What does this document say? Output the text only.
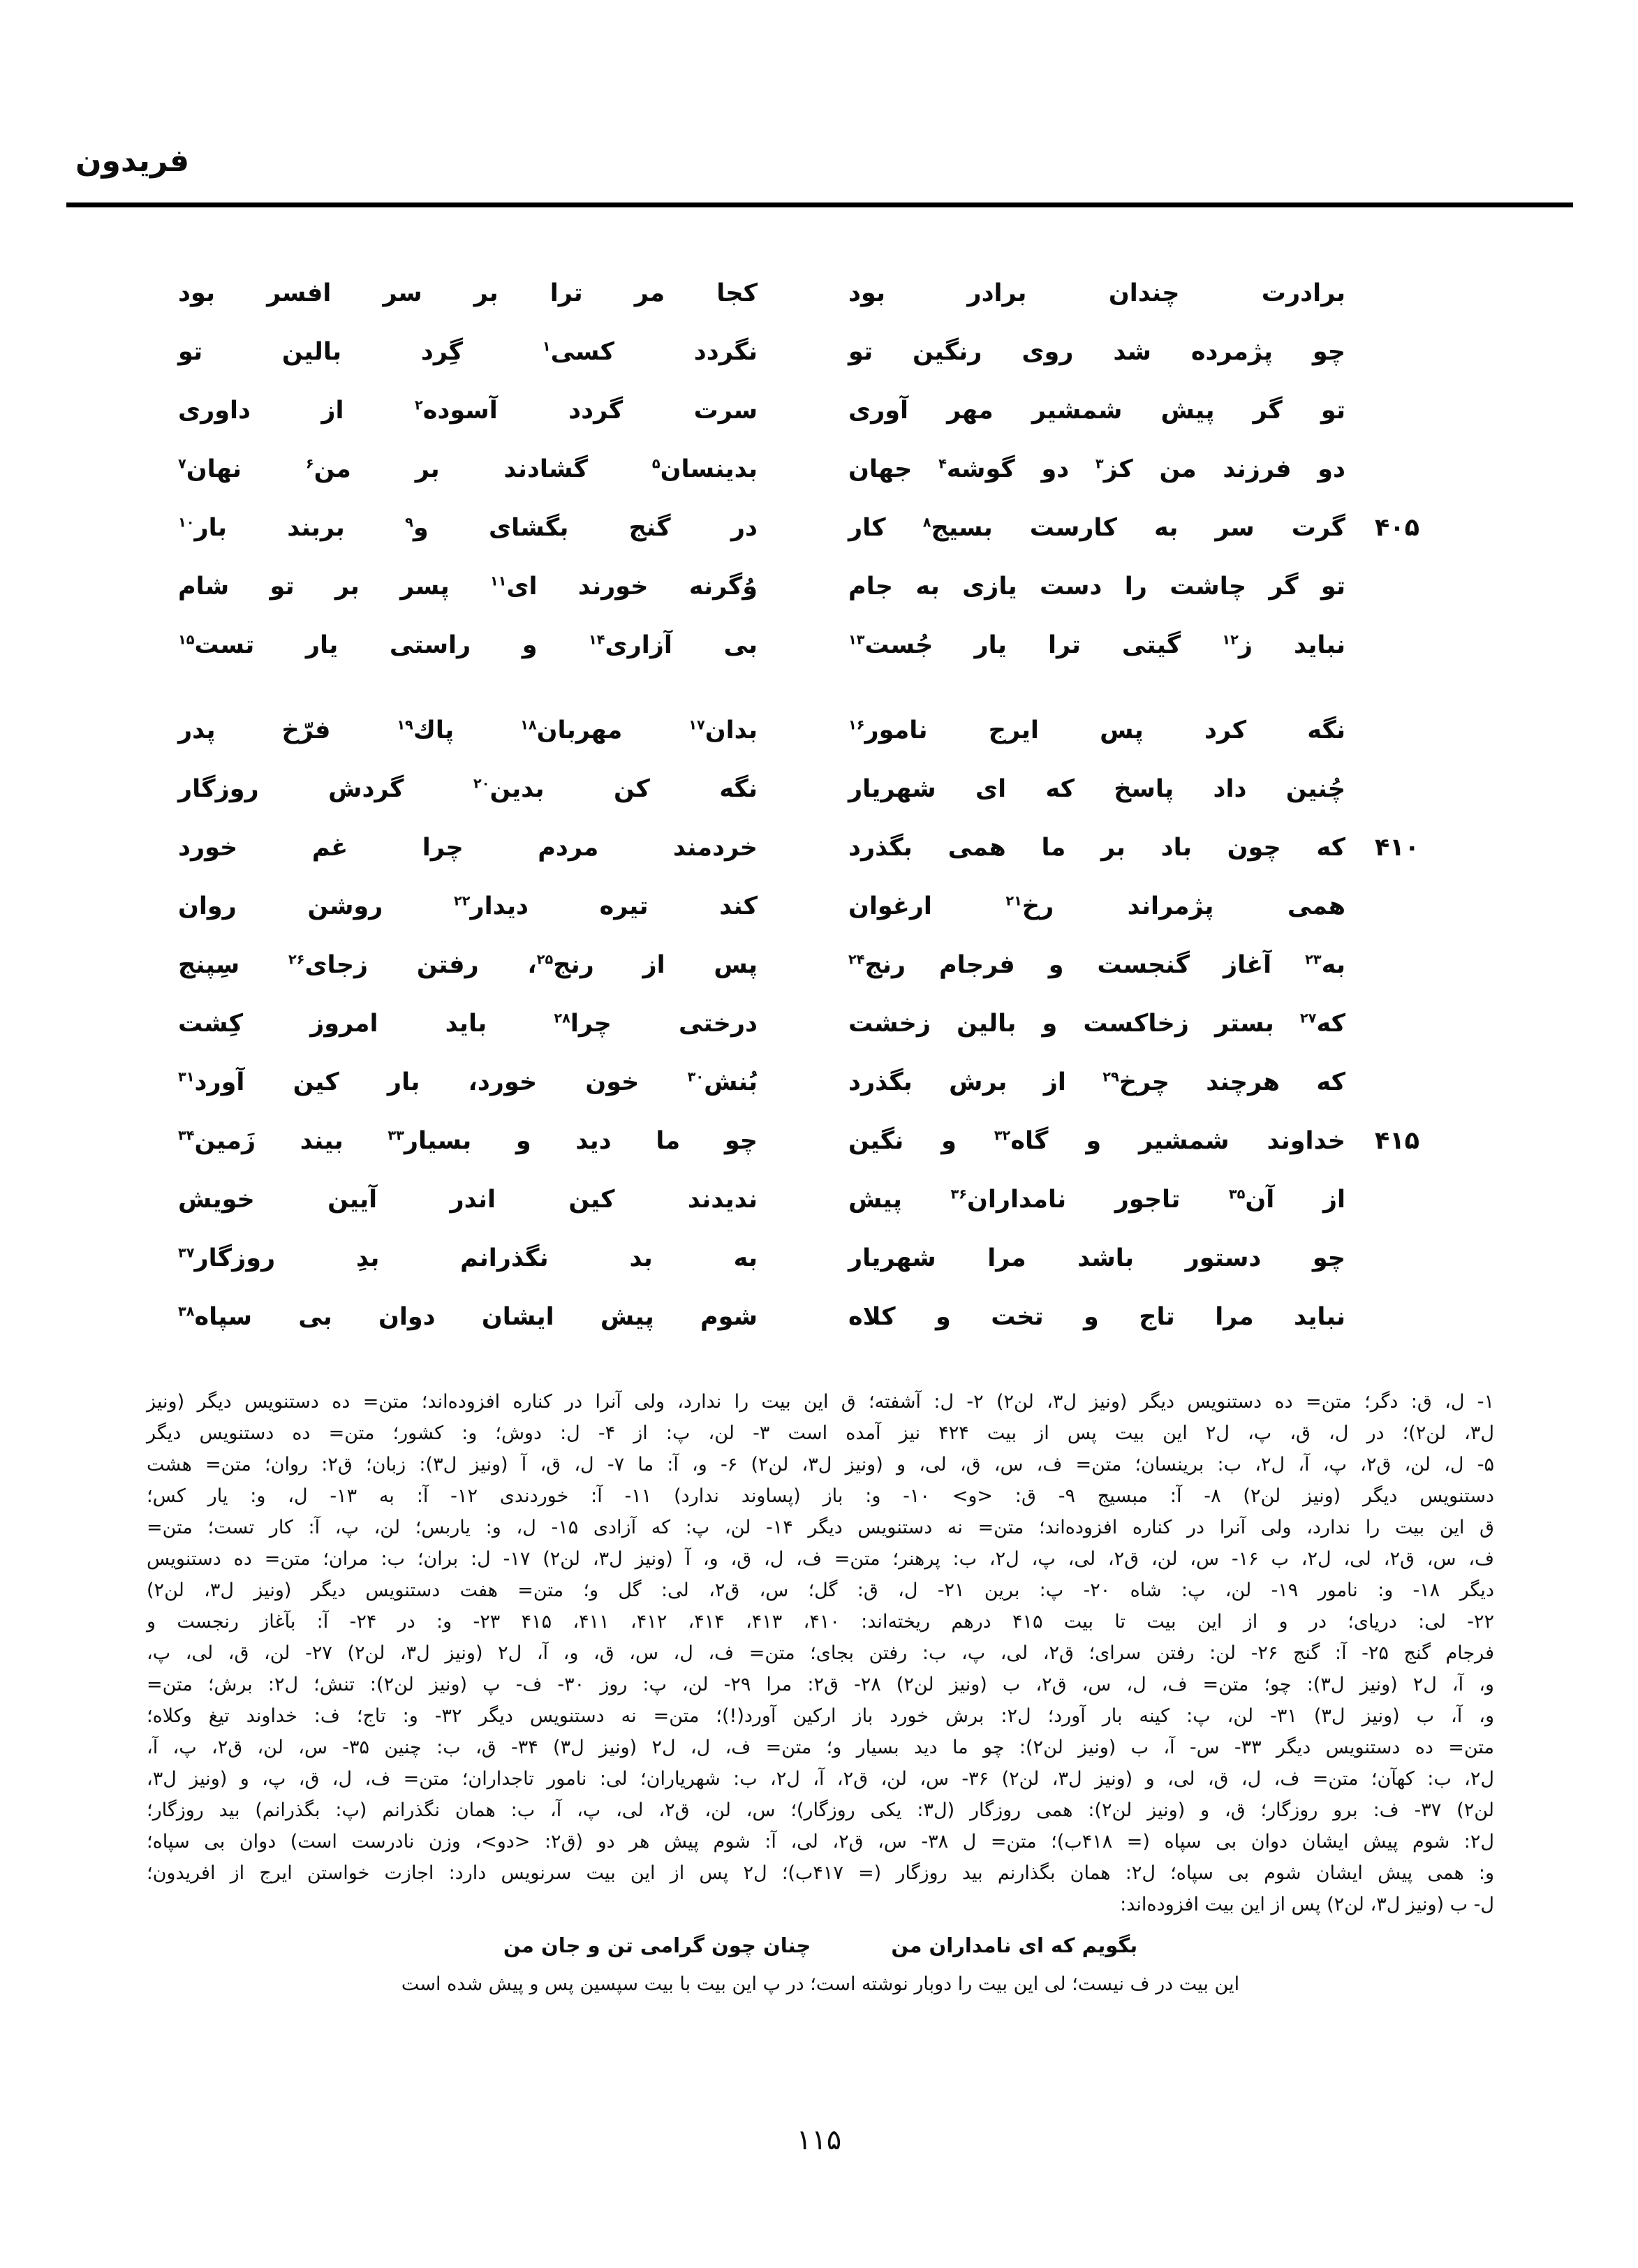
فریدون
برادرت چندان برادر بود
کجا مر ترا بر سر افسر بود
چو پژمرده شد روی رنگین تو
نگردد کسی$^۱$ گِرد بالین تو
تو گر پیش شمشیر مهر آوری
سرت گردد آسوده$^۲$ از داوری
دو فرزند من کز$^۳$ دو گوشه$^۴$ جهان
بدینسان$^۵$ گشادند بر من$^۶$ نهان$^۷$
۴۰۵
گرت سر به کارست بسیج$^۸$ کار
در گنج بگشای و$^۹$ بربند بار$^{۱۰}$
تو گر چاشت را دست یازی به جام
وُگرنه خورند ای$^{۱۱}$ پسر بر تو شام
نباید ز$^{۱۲}$ گیتی ترا یار جُست$^{۱۳}$
بی آزاری$^{۱۴}$ و راستی یار تست$^{۱۵}$
نگه کرد پس ایرج نامور$^{۱۶}$
بدان$^{۱۷}$ مهربان$^{۱۸}$ پاك$^{۱۹}$ فرّخ پدر
چُنین داد پاسخ که ای شهریار
نگه کن بدین$^{۲۰}$ گردش روزگار
۴۱۰
که چون باد بر ما همی بگذرد
خردمند مردم چرا غم خورد
همی پژمراند رخ$^{۲۱}$ ارغوان
کند تیره دیدار$^{۲۲}$ روشن روان
به$^{۲۳}$ آغاز گنجست و فرجام رنج$^{۲۴}$
پس از رنج$^{۲۵}$، رفتن زجای$^{۲۶}$ سِپنج
که$^{۲۷}$ بستر زخاکست و بالین زخشت
درختی چرا$^{۲۸}$ باید امروز کِشت
که هرچند چرخ$^{۲۹}$ از برش بگذرد
بُنش$^{۳۰}$ خون خورد، بار کین آورد$^{۳۱}$
۴۱۵
خداوند شمشیر و گاه$^{۳۲}$ و نگین
چو ما دید و بسیار$^{۳۳}$ بیند زَمین$^{۳۴}$
از آن$^{۳۵}$ تاجور نامداران$^{۳۶}$ پیش
ندیدند کین اندر آیین خویش
چو دستور باشد مرا شهریار
به بد نگذرانم بدِ روزگار$^{۳۷}$
نباید مرا تاج و تخت و کلاه
شوم پیش ایشان دوان بی سپاه$^{۳۸}$
۱- ل، ق: دگر؛ متن= ده دستنویس دیگر (ونیز ل۳، لن۲) ۲- ل: آشفته؛ ق این بیت را ندارد، ولی آنرا در کناره افزوده‌اند؛ متن= ده دستنویس دیگر (ونیز
ل۳، لن۲)؛ در ل، ق، پ، ل۲ این بیت پس از بیت ۴۲۴ نیز آمده است ۳- لن، پ: از ۴- ل: دوش؛ و: کشور؛ متن= ده دستنویس دیگر
۵- ل، لن، ق۲، پ، آ، ل۲، ب: برینسان؛ متن= ف، س، ق، لی، و (ونیز ل۳، لن۲) ۶- و، آ: ما ۷- ل، ق، آ (ونیز ل۳): زبان؛ ق۲: روان؛ متن= هشت
دستنویس دیگر (ونیز لن۲) ۸- آ: مبسیج ۹- ق: <و> ۱۰- و: باز (پساوند ندارد) ۱۱- آ: خوردندی ۱۲- آ: به ۱۳- ل، و: یار کس؛
ق این بیت را ندارد، ولی آنرا در کناره افزوده‌اند؛ متن= نه دستنویس دیگر ۱۴- لن، پ: که آزادی ۱۵- ل، و: یاربس؛ لن، پ، آ: کار تست؛ متن=
ف، س، ق۲، لی، ل۲، ب ۱۶- س، لن، ق۲، لی، پ، ل۲، ب: پرهنر؛ متن= ف، ل، ق، و، آ (ونیز ل۳، لن۲) ۱۷- ل: بران؛ ب: مران؛ متن= ده دستنویس
دیگر ۱۸- و: نامور ۱۹- لن، پ: شاه ۲۰- پ: برین ۲۱- ل، ق: گل؛ س، ق۲، لی: گل و؛ متن= هفت دستنویس دیگر (ونیز ل۳، لن۲)
۲۲- لی: دریای؛ در و از این بیت تا بیت ۴۱۵ درهم ریخته‌اند: ۴۱۰، ۴۱۳، ۴۱۴، ۴۱۲، ۴۱۱، ۴۱۵ ۲۳- و: در ۲۴- آ: بآغاز رنجست و
فرجام گنج ۲۵- آ: گنج ۲۶- لن: رفتن سرای؛ ق۲، لی، پ، ب: رفتن بجای؛ متن= ف، ل، س، ق، و، آ، ل۲ (ونیز ل۳، لن۲) ۲۷- لن، ق، لی، پ،
و، آ، ل۲ (ونیز ل۳): چو؛ متن= ف، ل، س، ق۲، ب (ونیز لن۲) ۲۸- ق۲: مرا ۲۹- لن، پ: روز ۳۰- ف- پ (ونیز لن۲): تنش؛ ل۲: برش؛ متن=
و، آ، ب (ونیز ل۳) ۳۱- لن، پ: کینه بار آورد؛ ل۲: برش خورد باز ارکین آورد(!)؛ متن= نه دستنویس دیگر ۳۲- و: تاج؛ ف: خداوند تیغ وکلاه؛
متن= ده دستنویس دیگر ۳۳- س- آ، ب (ونیز لن۲): چو ما دید بسیار و؛ متن= ف، ل، ل۲ (ونیز ل۳) ۳۴- ق، ب: چنین ۳۵- س، لن، ق۲، پ، آ،
ل۲، ب: کهآن؛ متن= ف، ل، ق، لی، و (ونیز ل۳، لن۲) ۳۶- س، لن، ق۲، آ، ل۲، ب: شهریاران؛ لی: نامور تاجداران؛ متن= ف، ل، ق، پ، و (ونیز ل۳،
لن۲) ۳۷- ف: برو روزگار؛ ق، و (ونیز لن۲): همی روزگار (ل۳: یکی روزگار)؛ س، لن، ق۲، لی، پ، آ، ب: همان نگذرانم (پ: بگذرانم) بید روزگار؛
ل۲: شوم پیش ایشان دوان بی سپاه (= ۴۱۸ب)؛ متن= ل ۳۸- س، ق۲، لی، آ: شوم پیش هر دو (ق۲: <دو>، وزن نادرست است) دوان بی سپاه؛
و: همی پیش ایشان شوم بی سپاه؛ ل۲: همان بگذارنم بید روزگار (= ۴۱۷ب)؛ ل۲ پس از این بیت سرنویس دارد: اجازت خواستن ایرج از افریدون؛
ل- ب (ونیز ل۳، لن۲) پس از این بیت افزوده‌اند:
بگویم که ای نامداران من
چنان چون گرامی تن و جان من
این بیت در ف نیست؛ لی این بیت را دوبار نوشته است؛ در پ این بیت با بیت سپسین پس و پیش شده است
۱۱۵
